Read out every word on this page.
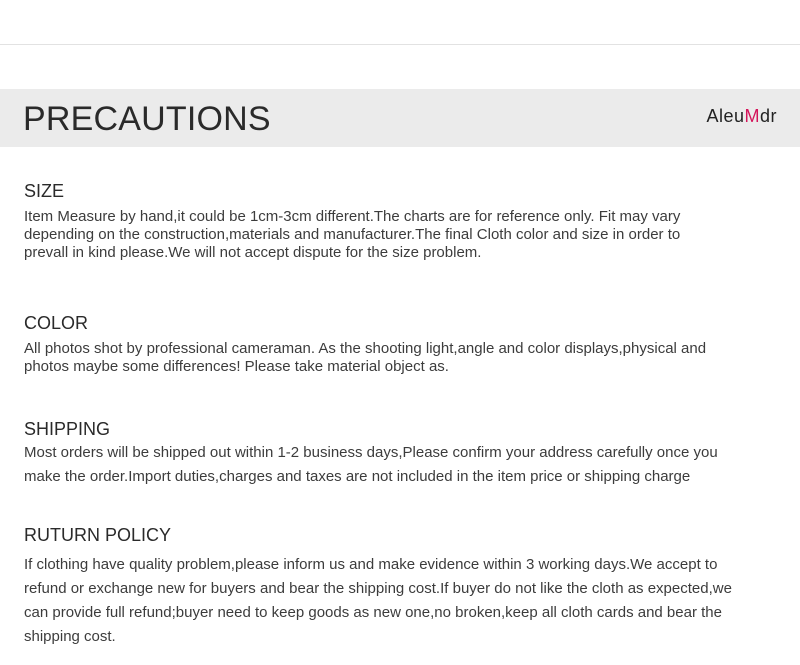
PRECAUTIONS	AleuMdr
SIZE
Item Measure by hand,it could be 1cm-3cm different.The charts are for reference only. Fit may vary
depending on the construction,materials and manufacturer.The final Cloth color and size in order to
prevall in kind please.We will not accept dispute for the size problem.
COLOR
All photos shot by professional cameraman. As the shooting light,angle and color displays,physical and
photos maybe some differences! Please take material object as.
SHIPPING
Most orders will be shipped out within 1-2 business days,Please confirm your address carefully once you
make the order.Import duties,charges and taxes are not included in the item price or shipping charge
RUTURN POLICY
If clothing have quality problem,please inform us and make evidence within 3 working days.We accept to
refund or exchange new for buyers and bear the shipping cost.If buyer do not like the cloth as expected,we
can provide full refund;buyer need to keep goods as new one,no broken,keep all cloth cards and bear the
shipping cost.
